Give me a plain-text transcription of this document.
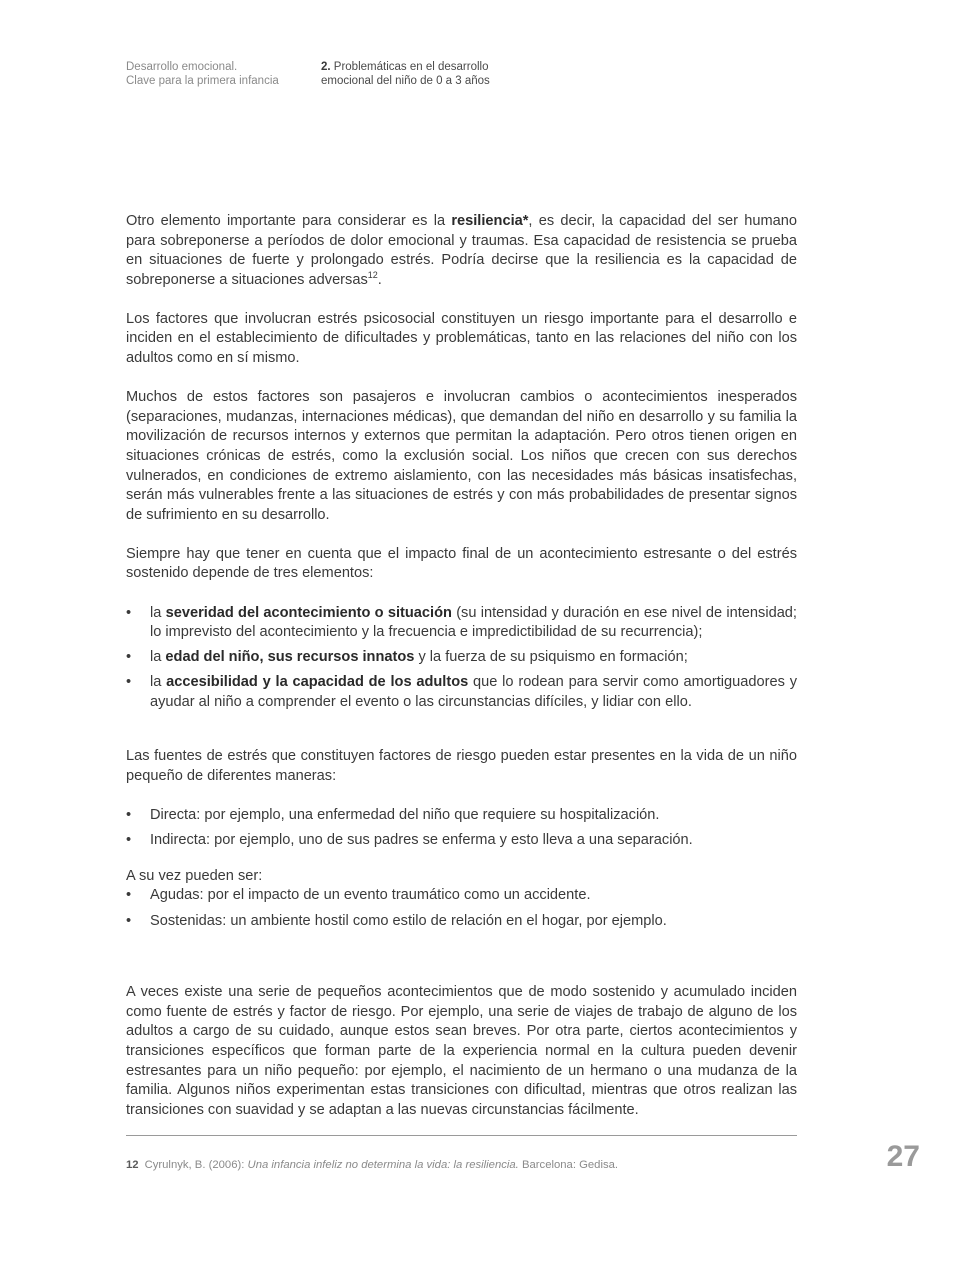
Desarrollo emocional.
Clave para la primera infancia
2. Problemáticas en el desarrollo
emocional del niño de 0 a 3 años

Otro elemento importante para considerar es la resiliencia*, es decir, la capacidad del ser humano para sobreponerse a períodos de dolor emocional y traumas. Esa capacidad de resistencia se prueba en situaciones de fuerte y prolongado estrés. Podría decirse que la resiliencia es la capacidad de sobreponerse a situaciones adversas$^{12}$.

Los factores que involucran estrés psicosocial constituyen un riesgo importante para el desarrollo e inciden en el establecimiento de dificultades y problemáticas, tanto en las relaciones del niño con los adultos como en sí mismo.

Muchos de estos factores son pasajeros e involucran cambios o acontecimientos inesperados (separaciones, mudanzas, internaciones médicas), que demandan del niño en desarrollo y su familia la movilización de recursos internos y externos que permitan la adaptación. Pero otros tienen origen en situaciones crónicas de estrés, como la exclusión social. Los niños que crecen con sus derechos vulnerados, en condiciones de extremo aislamiento, con las necesidades más básicas insatisfechas, serán más vulnerables frente a las situaciones de estrés y con más probabilidades de presentar signos de sufrimiento en su desarrollo.

Siempre hay que tener en cuenta que el impacto final de un acontecimiento estresante o del estrés sostenido depende de tres elementos:

•	la severidad del acontecimiento o situación (su intensidad y duración en ese nivel de intensidad; lo imprevisto del acontecimiento y la frecuencia e impredictibilidad de su recurrencia);
•	la edad del niño, sus recursos innatos y la fuerza de su psiquismo en formación;
•	la accesibilidad y la capacidad de los adultos que lo rodean para servir como amortiguadores y ayudar al niño a comprender el evento o las circunstancias difíciles, y lidiar con ello.

Las fuentes de estrés que constituyen factores de riesgo pueden estar presentes en la vida de un niño pequeño de diferentes maneras:

•	Directa: por ejemplo, una enfermedad del niño que requiere su hospitalización.
•	Indirecta: por ejemplo, uno de sus padres se enferma y esto lleva a una separación.

A su vez pueden ser:

•	Agudas: por el impacto de un evento traumático como un accidente.
•	Sostenidas: un ambiente hostil como estilo de relación en el hogar, por ejemplo.

A veces existe una serie de pequeños acontecimientos que de modo sostenido y acumulado inciden como fuente de estrés y factor de riesgo. Por ejemplo, una serie de viajes de trabajo de alguno de los adultos a cargo de su cuidado, aunque estos sean breves. Por otra parte, ciertos acontecimientos y transiciones específicos que forman parte de la experiencia normal en la cultura pueden devenir estresantes para un niño pequeño: por ejemplo, el nacimiento de un hermano o una mudanza de la familia. Algunos niños experimentan estas transiciones con dificultad, mientras que otros realizan las transiciones con suavidad y se adaptan a las nuevas circunstancias fácilmente.

12 Cyrulnyk, B. (2006): Una infancia infeliz no determina la vida: la resiliencia. Barcelona: Gedisa.	27
